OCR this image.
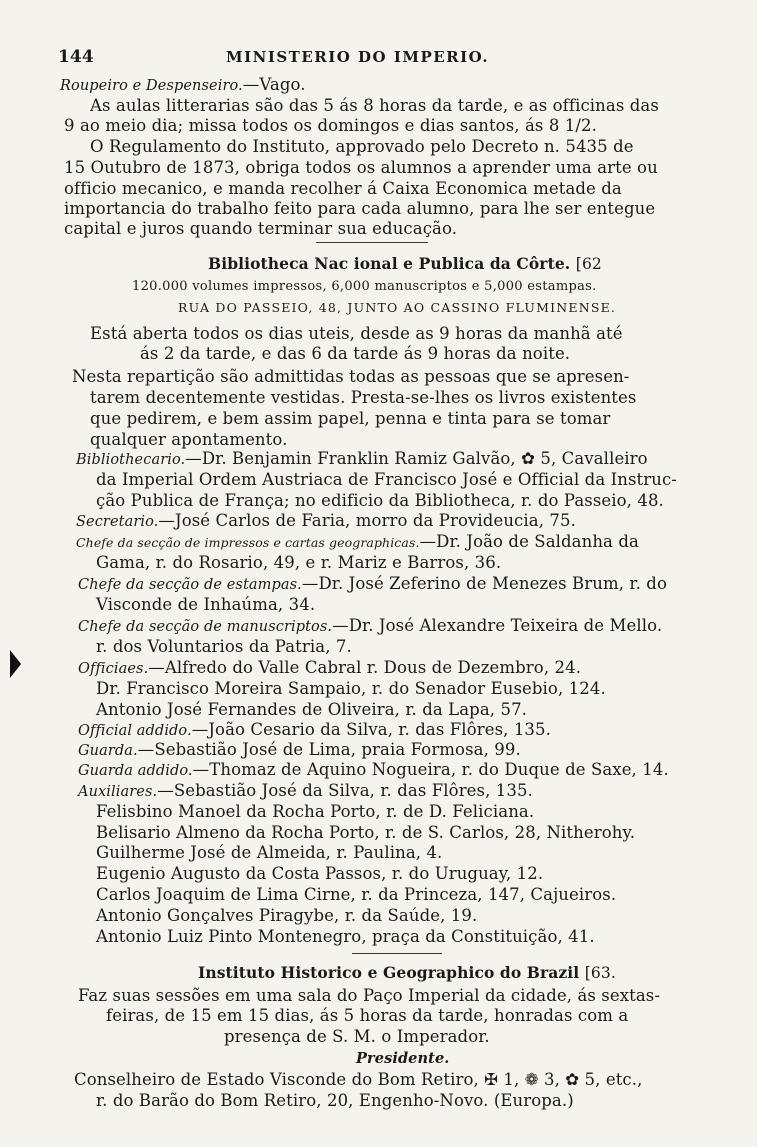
144	MINISTERIO DO IMPERIO.
Roupeiro e Despenseiro.—Vago.
As aulas litterarias são das 5 ás 8 horas da tarde, e as officinas das
9 ao meio dia; missa todos os domingos e dias santos, ás 8 1/2.
O Regulamento do Instituto, approvado pelo Decreto n. 5435 de
15 Outubro de 1873, obriga todos os alumnos a aprender uma arte ou
officio mecanico, e manda recolher á Caixa Economica metade da
importancia do trabalho feito para cada alumno, para lhe ser entegue
capital e juros quando terminar sua educação.
Bibliotheca Nac ional e Publica da Côrte. [62
120.000 volumes impressos, 6,000 manuscriptos e 5,000 estampas.
RUA DO PASSEIO, 48, JUNTO AO CASSINO FLUMINENSE.
Está aberta todos os dias uteis, desde as 9 horas da manhã até
ás 2 da tarde, e das 6 da tarde ás 9 horas da noite.
Nesta repartição são admittidas todas as pessoas que se apresen-
tarem decentemente vestidas. Presta-se-lhes os livros existentes
que pedirem, e bem assim papel, penna e tinta para se tomar
qualquer apontamento.
Bibliothecario.—Dr. Benjamin Franklin Ramiz Galvão, ✿ 5, Cavalleiro
da Imperial Ordem Austriaca de Francisco José e Official da Instruc-
ção Publica de França; no edificio da Bibliotheca, r. do Passeio, 48.
Secretario.—José Carlos de Faria, morro da Provideucia, 75.
Chefe da secção de impressos e cartas geographicas.—Dr. João de Saldanha da
Gama, r. do Rosario, 49, e r. Mariz e Barros, 36.
Chefe da secção de estampas.—Dr. José Zeferino de Menezes Brum, r. do
Visconde de Inhaúma, 34.
Chefe da secção de manuscriptos.—Dr. José Alexandre Teixeira de Mello.
r. dos Voluntarios da Patria, 7.
Officiaes.—Alfredo do Valle Cabral r. Dous de Dezembro, 24.
Dr. Francisco Moreira Sampaio, r. do Senador Eusebio, 124.
Antonio José Fernandes de Oliveira, r. da Lapa, 57.
Official addido.—João Cesario da Silva, r. das Flôres, 135.
Guarda.—Sebastião José de Lima, praia Formosa, 99.
Guarda addido.—Thomaz de Aquino Nogueira, r. do Duque de Saxe, 14.
Auxiliares.—Sebastião José da Silva, r. das Flôres, 135.
Felisbino Manoel da Rocha Porto, r. de D. Feliciana.
Belisario Almeno da Rocha Porto, r. de S. Carlos, 28, Nitherohy.
Guilherme José de Almeida, r. Paulina, 4.
Eugenio Augusto da Costa Passos, r. do Uruguay, 12.
Carlos Joaquim de Lima Cirne, r. da Princeza, 147, Cajueiros.
Antonio Gonçalves Piragybe, r. da Saúde, 19.
Antonio Luiz Pinto Montenegro, praça da Constituição, 41.
Instituto Historico e Geographico do Brazil [63.
Faz suas sessões em uma sala do Paço Imperial da cidade, ás sextas-
feiras, de 15 em 15 dias, ás 5 horas da tarde, honradas com a
presença de S. M. o Imperador.
Presidente.
Conselheiro de Estado Visconde do Bom Retiro, ✠ 1, ❁ 3, ✿ 5, etc.,
r. do Barão do Bom Retiro, 20, Engenho-Novo. (Europa.)
